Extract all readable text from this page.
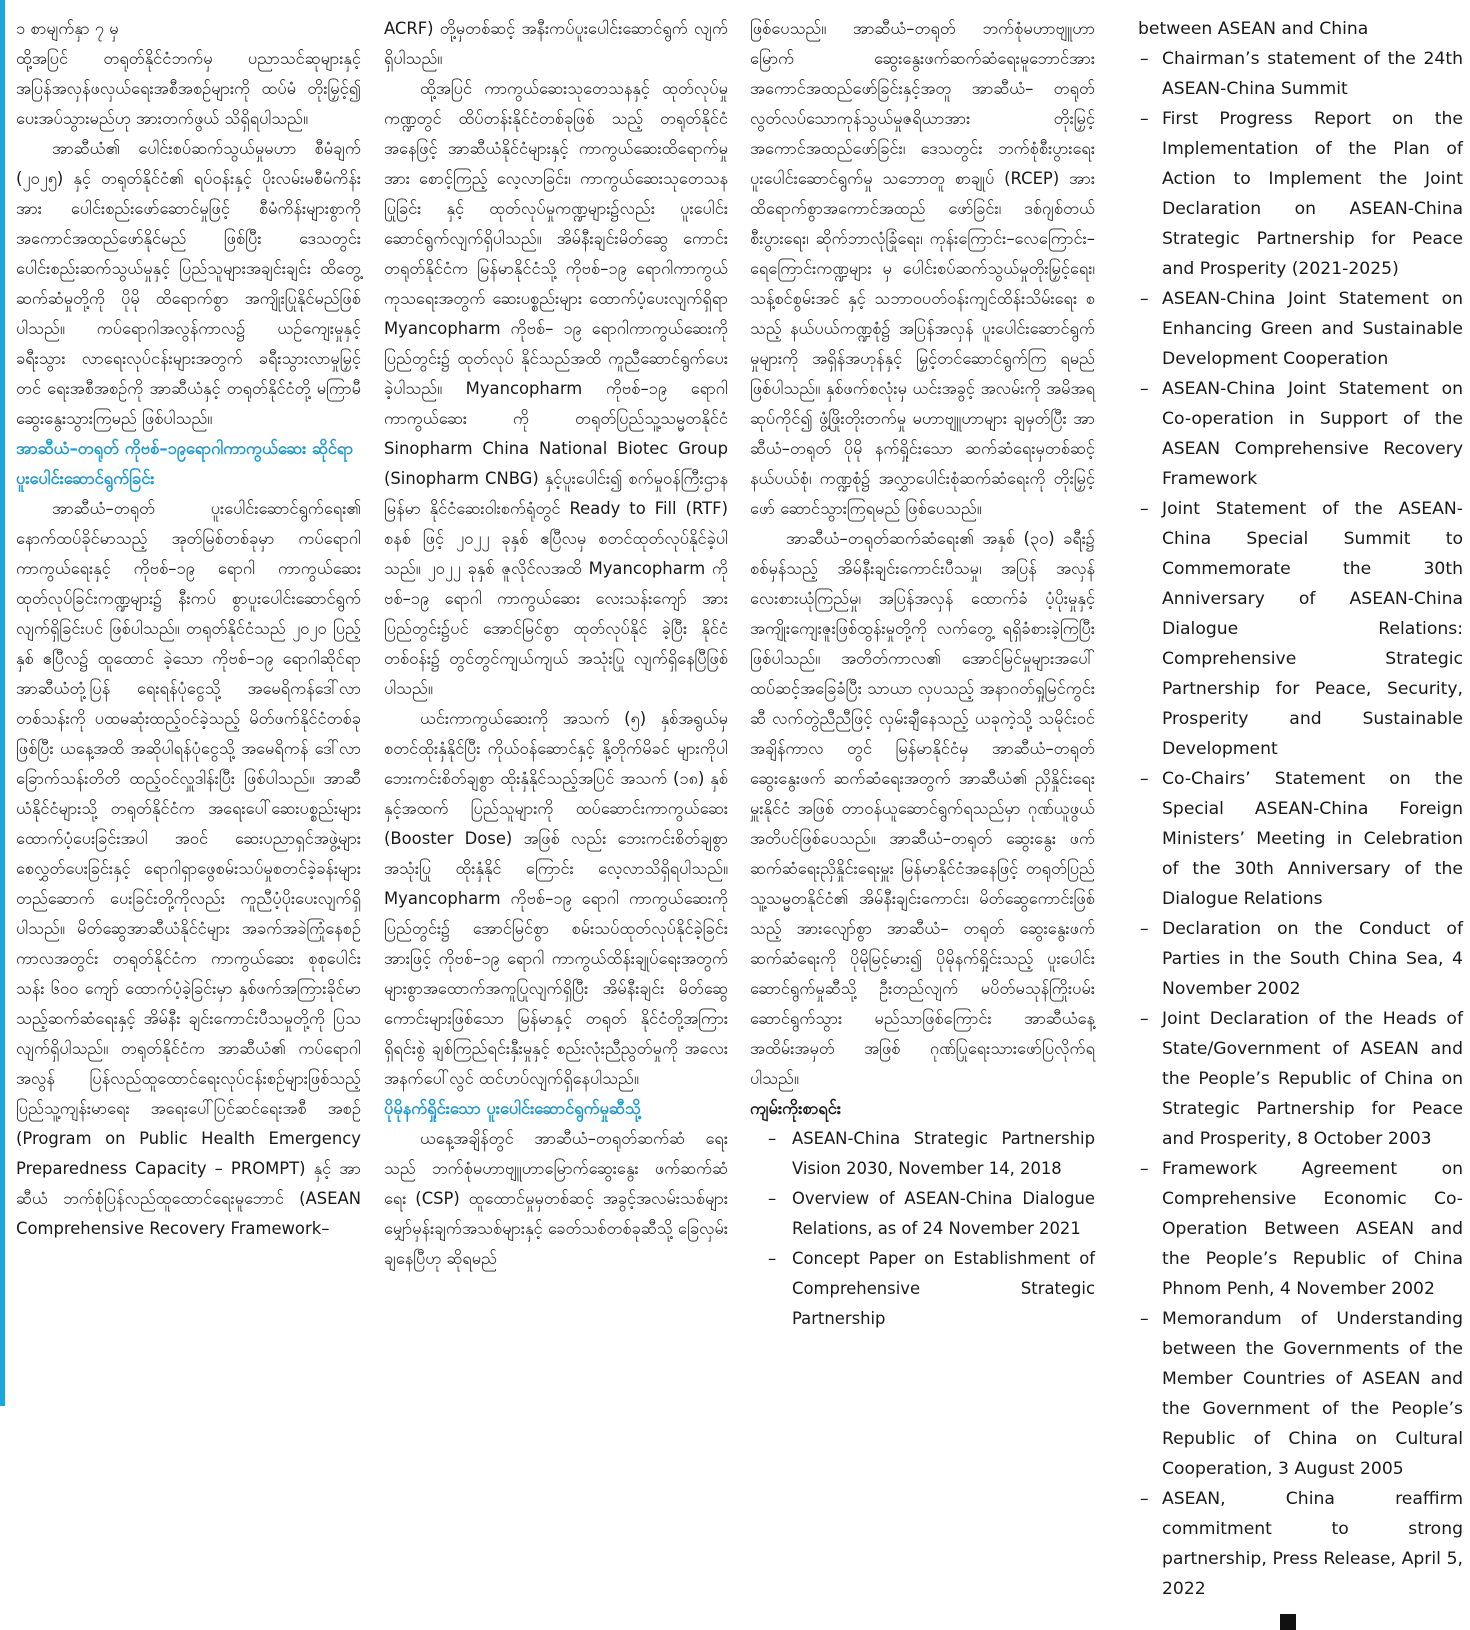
၁ စာမျက်နှာ ၇ မှ

ထို့အပြင် တရုတ်နိုင်ငံဘက်မှ ပညာသင်ဆုများနှင့် အပြန်အလှန်ဖလှယ်ရေးအစီအစဉ်များကို ထပ်မံ တိုးမြှင့်၍ ပေးအပ်သွားမည်ဟု အားတက်ဖွယ် သိရှိရပါသည်။

အာဆီယံ၏ ပေါင်းစပ်ဆက်သွယ်မှုမဟာ စီမံချက် (၂၀၂၅) နှင့် တရုတ်နိုင်ငံ၏ ရပ်ဝန်းနှင့် ပိုးလမ်းမစီမံကိန်းအား ပေါင်းစည်းဖော်ဆောင်မှုဖြင့် စီမံကိန်းများစွာကို အကောင်အထည်ဖော်နိုင်မည် ဖြစ်ပြီး ဒေသတွင်း ပေါင်းစည်းဆက်သွယ်မှုနှင့် ပြည်သူများအချင်းချင်း ထိတွေ့ဆက်ဆံမှုတို့ကို ပိုမို ထိရောက်စွာ အကျိုးပြုနိုင်မည်ဖြစ်ပါသည်။ ကပ်ရောဂါအလွန်ကာလ၌ ယဉ်ကျေးမှုနှင့် ခရီးသွား လာရေးလုပ်ငန်းများအတွက် ခရီးသွားလာမှုမြှင့်တင် ရေးအစီအစဉ်ကို အာဆီယံနှင့် တရုတ်နိုင်ငံတို့ မကြာမီဆွေးနွေးသွားကြမည် ဖြစ်ပါသည်။

အာဆီယံ–တရုတ် ကိုဗစ်–၁၉ရောဂါကာကွယ်ဆေး ဆိုင်ရာ ပူးပေါင်းဆောင်ရွက်ခြင်း

အာဆီယံ–တရုတ် ပူးပေါင်းဆောင်ရွက်ရေး၏ နောက်ထပ်ခိုင်မာသည့် အုတ်မြစ်တစ်ခုမှာ ကပ်ရောဂါကာကွယ်ရေးနှင့် ကိုဗစ်–၁၉ ရောဂါ ကာကွယ်ဆေးထုတ်လုပ်ခြင်းကဏ္ဍများ၌ နီးကပ် စွာပူးပေါင်းဆောင်ရွက်လျက်ရှိခြင်းပင် ဖြစ်ပါသည်။ တရုတ်နိုင်ငံသည် ၂၀၂၀ ပြည့်နှစ် ဧပြီလ၌ ထူထောင် ခဲ့သော ကိုဗစ်–၁၉ ရောဂါဆိုင်ရာ အာဆီယံတုံ့ပြန် ရေးရန်ပုံငွေသို့ အမေရိကန်ဒေါ်လာ တစ်သန်းကို ပထမဆုံးထည့်ဝင်ခဲ့သည့် မိတ်ဖက်နိုင်ငံတစ်ခု ဖြစ်ပြီး ယနေ့အထိ အဆိုပါရန်ပုံငွေသို့ အမေရိကန် ဒေါ်လာ ခြောက်သန်းတိတိ ထည့်ဝင်လှူဒါန်းပြီး ဖြစ်ပါသည်။ အာဆီယံနိုင်ငံများသို့ တရုတ်နိုင်ငံက အရေးပေါ်ဆေးပစ္စည်းများ ထောက်ပံ့ပေးခြင်းအပါ အဝင် ဆေးပညာရှင်အဖွဲ့များစေလွှတ်ပေးခြင်းနှင့် ရောဂါရှာဖွေစမ်းသပ်မှုစတင်ခဲ့ခန်းများ တည်ဆောက် ပေးခြင်းတို့ကိုလည်း ကူညီပံ့ပိုးပေးလျက်ရှိပါသည်။ မိတ်ဆွေအာဆီယံနိုင်ငံများ အခက်အခဲကြုံနေစဉ် ကာလအတွင်း တရုတ်နိုင်ငံက ကာကွယ်ဆေး စုစုပေါင်း သန်း ၆၀၀ ကျော် ထောက်ပံ့ခဲ့ခြင်းမှာ နှစ်ဖက်အကြားခိုင်မာသည့်ဆက်ဆံရေးနှင့် အိမ်နီး ချင်းကောင်းပီသမှုတို့ကို ပြသလျက်ရှိပါသည်။ တရုတ်နိုင်ငံက အာဆီယံ၏ ကပ်ရောဂါအလွန် ပြန်လည်ထူထောင်ရေးလုပ်ငန်းစဉ်များဖြစ်သည့် ပြည်သူ့ကျန်းမာရေး အရေးပေါ်ပြင်ဆင်ရေးအစီ အစဉ် (Program on Public Health Emergency Preparedness Capacity – PROMPT) နှင့် အာဆီယံ ဘက်စုံပြန်လည်ထူထောင်ရေးမူဘောင် (ASEAN Comprehensive Recovery Framework–

ACRF) တို့မှတစ်ဆင့် အနီးကပ်ပူးပေါင်းဆောင်ရွက် လျက်ရှိပါသည်။

ထို့အပြင် ကာကွယ်ဆေးသုတေသနနှင့် ထုတ်လုပ်မှုကဏ္ဍတွင် ထိပ်တန်းနိုင်ငံတစ်ခုဖြစ် သည့် တရုတ်နိုင်ငံအနေဖြင့် အာဆီယံနိုင်ငံများနှင့် ကာကွယ်ဆေးထိရောက်မှုအား စောင့်ကြည့် လေ့လာခြင်း၊ ကာကွယ်ဆေးသုတေသနပြုခြင်း နှင့် ထုတ်လုပ်မှုကဏ္ဍများ၌လည်း ပူးပေါင်း ဆောင်ရွက်လျက်ရှိပါသည်။ အိမ်နီးချင်းမိတ်ဆွေ ကောင်း တရုတ်နိုင်ငံက မြန်မာနိုင်ငံသို့ ကိုဗစ်–၁၉ ရောဂါကာကွယ်ကုသရေးအတွက် ဆေးပစ္စည်းများ ထောက်ပံ့ပေးလျက်ရှိရာ Myancopharm ကိုဗစ်– ၁၉ ရောဂါကာကွယ်ဆေးကို ပြည်တွင်း၌ ထုတ်လုပ် နိုင်သည်အထိ ကူညီဆောင်ရွက်ပေးခဲ့ပါသည်။ Myancopharm ကိုဗစ်–၁၉ ရောဂါ ကာကွယ်ဆေး ကို တရုတ်ပြည်သူ့သမ္မတနိုင်ငံ Sinopharm China National Biotec Group (Sinopharm CNBG) နှင့်ပူးပေါင်း၍ စက်မှုဝန်ကြီးဌာန မြန်မာ နိုင်ငံဆေးဝါးစက်ရုံတွင် Ready to Fill (RTF) စနစ် ဖြင့် ၂၀၂၂ ခုနှစ် ဧပြီလမှ စတင်ထုတ်လုပ်နိုင်ခဲ့ပါ သည်။ ၂၀၂၂ ခုနှစ် ဇူလိုင်လအထိ Myancopharm ကိုဗစ်–၁၉ ရောဂါ ကာကွယ်ဆေး လေးသန်းကျော် အား ပြည်တွင်း၌ပင် အောင်မြင်စွာ ထုတ်လုပ်နိုင် ခဲ့ပြီး နိုင်ငံတစ်ဝန်း၌ တွင်တွင်ကျယ်ကျယ် အသုံးပြု လျက်ရှိနေပြီဖြစ်ပါသည်။

ယင်းကာကွယ်ဆေးကို အသက် (၅) နှစ်အရွယ်မှ စတင်ထိုးနှံနိုင်ပြီး ကိုယ်ဝန်ဆောင်နှင့် နို့တိုက်မိခင် များကိုပါ ဘေးကင်းစိတ်ချစွာ ထိုးနှံနိုင်သည့်အပြင် အသက် (၁၈) နှစ်နှင့်အထက် ပြည်သူများကို ထပ်ဆောင်းကာကွယ်ဆေး (Booster Dose) အဖြစ် လည်း ဘေးကင်းစိတ်ချစွာအသုံးပြု ထိုးနှံနိုင် ကြောင်း လေ့လာသိရှိရပါသည်။ Myancopharm ကိုဗစ်–၁၉ ရောဂါ ကာကွယ်ဆေးကို ပြည်တွင်း၌ အောင်မြင်စွာ စမ်းသပ်ထုတ်လုပ်နိုင်ခဲ့ခြင်းအားဖြင့် ကိုဗစ်–၁၉ ရောဂါ ကာကွယ်ထိန်းချုပ်ရေးအတွက် များစွာအထောက်အကူပြုလျက်ရှိပြီး အိမ်နီးချင်း မိတ်ဆွေကောင်းများဖြစ်သော မြန်မာနှင့် တရုတ် နိုင်ငံတို့အကြား ရှိရင်းစွဲ ချစ်ကြည်ရင်းနှီးမှုနှင့် စည်းလုံးညီညွတ်မှုကို အလေးအနက်ပေါ်လွင် ထင်ဟပ်လျက်ရှိနေပါသည်။

ပိုမိုနက်ရှိုင်းသော ပူးပေါင်းဆောင်ရွက်မှုဆီသို့

ယနေ့အချိန်တွင် အာဆီယံ–တရုတ်ဆက်ဆံ ရေးသည် ဘက်စုံမဟာဗျူဟာမြောက်ဆွေးနွေး ဖက်ဆက်ဆံရေး (CSP) ထူထောင်မှုမှတစ်ဆင့် အခွင့်အလမ်းသစ်များ မျှော်မှန်းချက်အသစ်များနှင့် ခေတ်သစ်တစ်ခုဆီသို့ ခြေလှမ်းချနေပြီဟု ဆိုရမည်

ဖြစ်ပေသည်။ အာဆီယံ–တရုတ် ဘက်စုံမဟာဗျူဟာ မြောက် ဆွေးနွေးဖက်ဆက်ဆံရေးမူဘောင်အား အကောင်အထည်ဖော်ခြင်းနှင့်အတူ အာဆီယံ– တရုတ် လွတ်လပ်သောကုန်သွယ်မှုဇရိယာအား တိုးမြှင့်အကောင်အထည်ဖော်ခြင်း၊ ဒေသတွင်း ဘက်စုံစီးပွားရေးပူးပေါင်းဆောင်ရွက်မှု သဘောတူ စာချုပ် (RCEP) အား ထိရောက်စွာအကောင်အထည် ဖော်ခြင်း၊ ဒစ်ဂျစ်တယ်စီးပွားရေး၊ ဆိုက်ဘာလုံခြုံရေး၊ ကုန်းကြောင်း–လေကြောင်း–ရေကြောင်းကဏ္ဍများ မှ ပေါင်းစပ်ဆက်သွယ်မှုတိုးမြှင့်ရေး၊ သန့်စင်စွမ်းအင် နှင့် သဘာဝပတ်ဝန်းကျင်ထိန်းသိမ်းရေး စသည့် နယ်ပယ်ကဏ္ဍစုံ၌ အပြန်အလှန် ပူးပေါင်းဆောင်ရွက် မှုများကို အရှိန်အဟုန်နှင့် မြှင့်တင်ဆောင်ရွက်ကြ ရမည် ဖြစ်ပါသည်။ နှစ်ဖက်စလုံးမှ ယင်းအခွင့် အလမ်းကို အမိအရဆုပ်ကိုင်၍ ဖွံ့ဖြိုးတိုးတက်မှု မဟာဗျူဟာများ ချမှတ်ပြီး အာဆီယံ–တရုတ် ပိုမို နက်ရှိုင်းသော ဆက်ဆံရေးမှတစ်ဆင့် နယ်ပယ်စုံ၊ ကဏ္ဍစုံ၌ အလွှာပေါင်းစုံဆက်ဆံရေးကို တိုးမြှင့်ဖော် ဆောင်သွားကြရမည် ဖြစ်ပေသည်။

အာဆီယံ–တရုတ်ဆက်ဆံရေး၏ အနှစ် (၃၀) ခရီး၌ စစ်မှန်သည့် အိမ်နီးချင်းကောင်းပီသမှု၊ အပြန် အလှန်လေးစားယုံကြည်မှု၊ အပြန်အလှန် ထောက်ခံ ပံ့ပိုးမှုနှင့် အကျိုးကျေးဇူးဖြစ်ထွန်းမှုတို့ကို လက်တွေ့ ရရှိခံစားခဲ့ကြပြီးဖြစ်ပါသည်။ အတိတ်ကာလ၏ အောင်မြင်မှုများအပေါ် ထပ်ဆင့်အခြေခံပြီး သာယာ လှပသည့် အနာဂတ်ရှုမြင်ကွင်းဆီ လက်တွဲညီညီဖြင့် လှမ်းချီနေသည့် ယခုကဲ့သို့ သမိုင်းဝင်အချိန်ကာလ တွင် မြန်မာနိုင်ငံမှ အာဆီယံ–တရုတ် ဆွေးနွေးဖက် ဆက်ဆံရေးအတွက် အာဆီယံ၏ ညှိနှိုင်းရေးမှူးနိုင်ငံ အဖြစ် တာဝန်ယူဆောင်ရွက်ရသည်မှာ ဂုဏ်ယူဖွယ် အတိပင်ဖြစ်ပေသည်။ အာဆီယံ–တရုတ် ဆွေးနွေး ဖက်ဆက်ဆံရေးညှိနှိုင်းရေးမှူး မြန်မာနိုင်ငံအနေဖြင့် တရုတ်ပြည်သူ့သမ္မတနိုင်ငံ၏ အိမ်နီးချင်းကောင်း၊ မိတ်ဆွေကောင်းဖြစ်သည့် အားလျော်စွာ အာဆီယံ– တရုတ် ဆွေးနွေးဖက်ဆက်ဆံရေးကို ပိုမိုမြင့်မား၍ ပိုမိုနက်ရှိုင်းသည့် ပူးပေါင်းဆောင်ရွက်မှုဆီသို့ ဦးတည်လျက် မပိတ်မသုန်ကြိုးပမ်းဆောင်ရွက်သွား မည်သာဖြစ်ကြောင်း အာဆီယံနေ့ အထိမ်းအမှတ် အဖြစ် ဂုဏ်ပြုရေးသားဖော်ပြလိုက်ရပါသည်။

ကျမ်းကိုးစာရင်း
– ASEAN-China Strategic Partnership Vision 2030, November 14, 2018
– Overview of ASEAN-China Dialogue Relations, as of 24 November 2021
– Concept Paper on Establishment of Comprehensive Strategic Partnership

between ASEAN and China

– Chairman’s statement of the 24th ASEAN-China Summit
– First Progress Report on the Implementation of the Plan of Action to Implement the Joint Declaration on ASEAN-China Strategic Partnership for Peace and Prosperity (2021-2025)
– ASEAN-China Joint Statement on Enhancing Green and Sustainable Development Cooperation
– ASEAN-China Joint Statement on Co-operation in Support of the ASEAN Comprehensive Recovery Framework
– Joint Statement of the ASEAN-China Special Summit to Commemorate the 30th Anniversary of ASEAN-China Dialogue Relations: Comprehensive Strategic Partnership for Peace, Security, Prosperity and Sustainable Development
– Co-Chairs’ Statement on the Special ASEAN-China Foreign Ministers’ Meeting in Celebration of the 30th Anniversary of the Dialogue Relations
– Declaration on the Conduct of Parties in the South China Sea, 4 November 2002
– Joint Declaration of the Heads of State/Government of ASEAN and the People’s Republic of China on Strategic Partnership for Peace and Prosperity, 8 October 2003
– Framework Agreement on Comprehensive Economic Co-Operation Between ASEAN and the People’s Republic of China Phnom Penh, 4 November 2002
– Memorandum of Understanding between the Governments of the Member Countries of ASEAN and the Government of the People’s Republic of China on Cultural Cooperation, 3 August 2005
– ASEAN, China reaffirm commitment to strong partnership, Press Release, April 5, 2022
